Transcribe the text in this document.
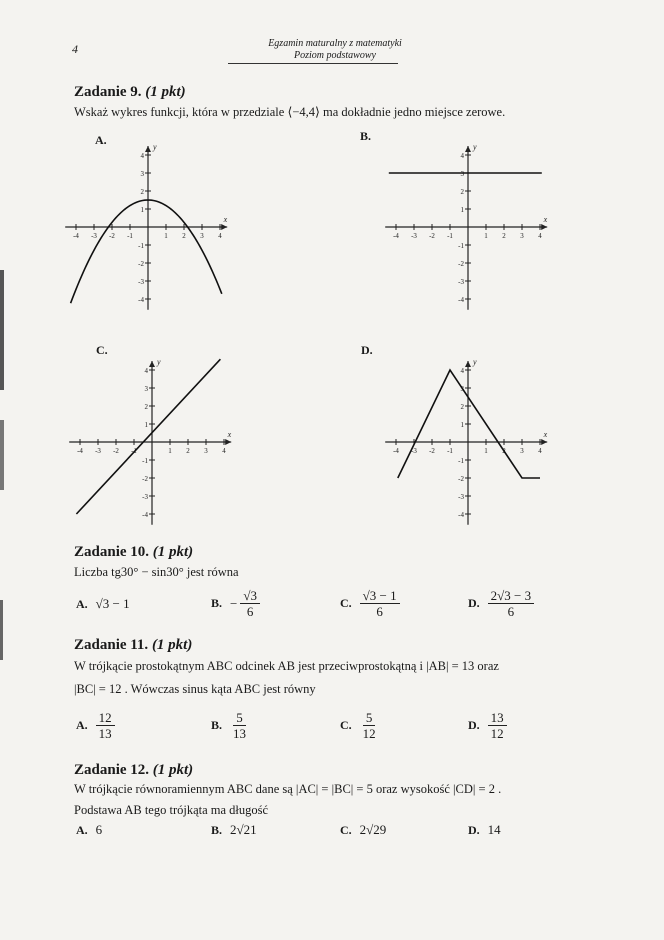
4	Egzamin maturalny z matematyki
Poziom podstawowy
Zadanie 9. (1 pkt)
Wskaż wykres funkcji, która w przedziale ⟨−4,4⟩ ma dokładnie jedno miejsce zerowe.
A.	B.
C.	D.
-4
-4
-3
-3
-2
-2
-1
-1
1
1
2
2
3
3
4
4
x
y
-4
-4
-3
-3
-2
-2
-1
-1
1
1
2
2
3
3
4
4
x
y
-4
-4
-3
-3
-2
-2
-1
-1
1
1
2
2
3
3
4
4
x
y
-4
-4
-3
-3
-2
-2
-1
-1
1
1
2
2
3
3
4
4
x
y
Zadanie 10. (1 pkt)
Liczba tg30° − sin30° jest równa
A. √3 − 1	B. − $\frac{√3}{6}$	C. $\frac{√3 - 1}{6}$	D. $\frac{2√3 - 3}{6}$
Zadanie 11. (1 pkt)
W trójkącie prostokątnym ABC odcinek AB jest przeciwprostokątną i |AB| = 13 oraz
|BC| = 12 . Wówczas sinus kąta ABC jest równy
A. $\frac{12}{13}$	B. $\frac{5}{13}$	C. $\frac{5}{12}$	D. $\frac{13}{12}$
Zadanie 12. (1 pkt)
W trójkącie równoramiennym ABC dane są |AC| = |BC| = 5 oraz wysokość |CD| = 2 .
Podstawa AB tego trójkąta ma długość
A. 6	B. 2√21	C. 2√29	D. 14
